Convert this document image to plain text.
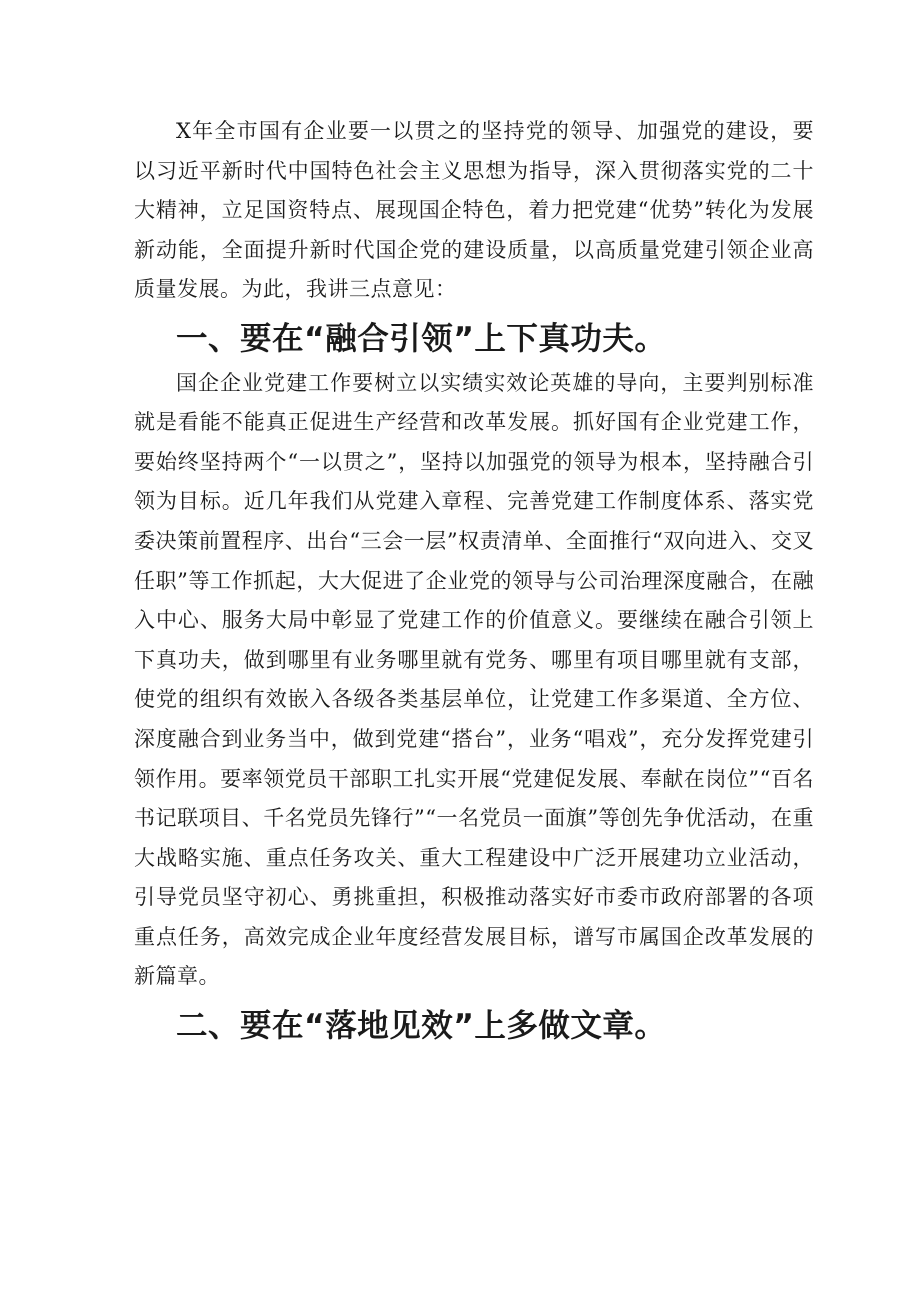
X年全市国有企业要一以贯之的坚持党的领导、加强党的建设，要以习近平新时代中国特色社会主义思想为指导，深入贯彻落实党的二十大精神，立足国资特点、展现国企特色，着力把党建“优势”转化为发展新动能，全面提升新时代国企党的建设质量，以高质量党建引领企业高质量发展。为此，我讲三点意见：

一、要在“融合引领”上下真功夫。

国企企业党建工作要树立以实绩实效论英雄的导向，主要判别标准就是看能不能真正促进生产经营和改革发展。抓好国有企业党建工作，要始终坚持两个“一以贯之”，坚持以加强党的领导为根本，坚持融合引领为目标。近几年我们从党建入章程、完善党建工作制度体系、落实党委决策前置程序、出台“三会一层”权责清单、全面推行“双向进入、交叉任职”等工作抓起，大大促进了企业党的领导与公司治理深度融合，在融入中心、服务大局中彰显了党建工作的价值意义。要继续在融合引领上下真功夫，做到哪里有业务哪里就有党务、哪里有项目哪里就有支部，使党的组织有效嵌入各级各类基层单位，让党建工作多渠道、全方位、深度融合到业务当中，做到党建“搭台”，业务“唱戏”，充分发挥党建引领作用。要率领党员干部职工扎实开展“党建促发展、奉献在岗位”“百名书记联项目、千名党员先锋行”“一名党员一面旗”等创先争优活动，在重大战略实施、重点任务攻关、重大工程建设中广泛开展建功立业活动，引导党员坚守初心、勇挑重担，积极推动落实好市委市政府部署的各项重点任务，高效完成企业年度经营发展目标，谱写市属国企改革发展的新篇章。

二、要在“落地见效”上多做文章。
